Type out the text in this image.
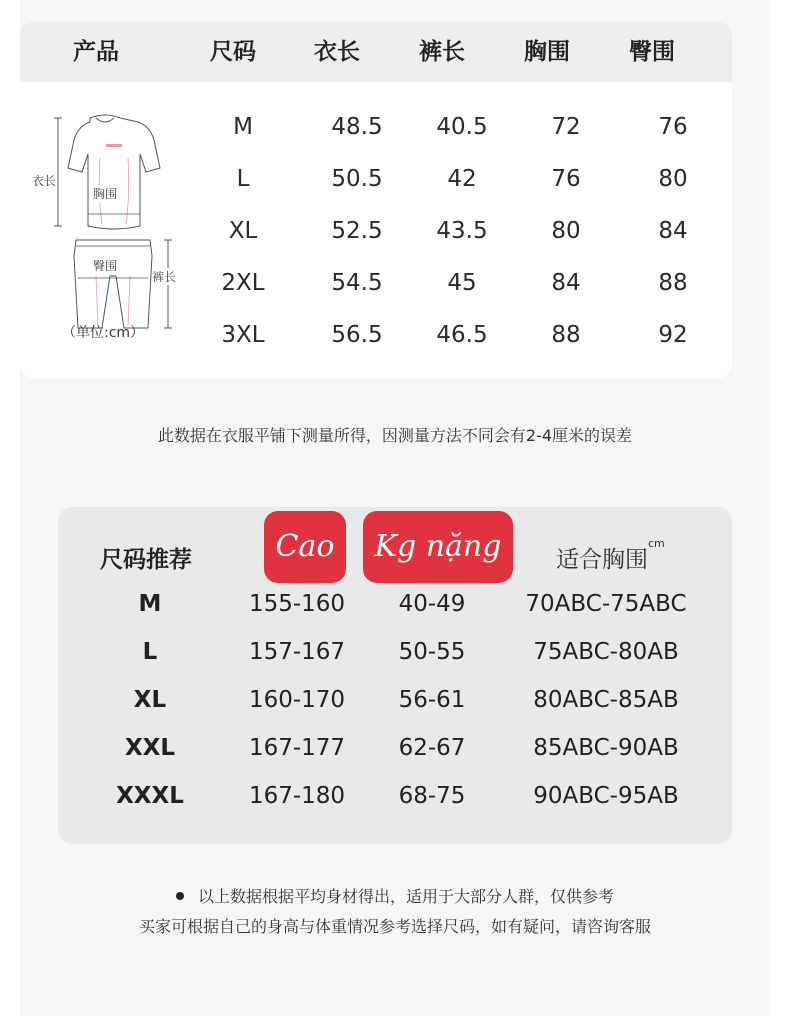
产品	尺码	衣长	裤长	胸围	臀围
衣长
胸围
臀围
裤长
（单位:cm）
M	48.5	40.5	72	76
L	50.5	42	76	80
XL	52.5	43.5	80	84
2XL	54.5	45	84	88
3XL	56.5	46.5	88	92
此数据在衣服平铺下测量所得，因测量方法不同会有2-4厘米的误差
尺码推荐	Cao	Kg nặng	适合胸围$^{cm}$
M	155-160	40-49	70ABC-75ABC
L	157-167	50-55	75ABC-80AB
XL	160-170	56-61	80ABC-85AB
XXL	167-177	62-67	85ABC-90AB
XXXL	167-180	68-75	90ABC-95AB
以上数据根据平均身材得出，适用于大部分人群，仅供参考
买家可根据自己的身高与体重情况参考选择尺码，如有疑问，请咨询客服
